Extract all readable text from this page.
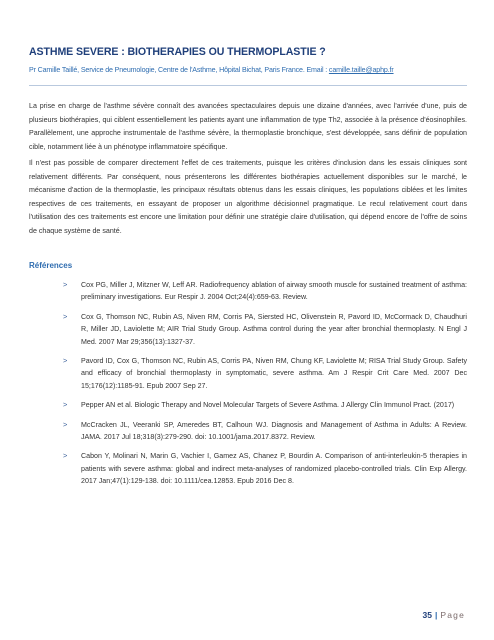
ASTHME SEVERE : BIOTHERAPIES OU THERMOPLASTIE ?
Pr Camille Taillé, Service de Pneumologie, Centre de l'Asthme, Hôpital Bichat, Paris France. Email : camille.taille@aphp.fr

La prise en charge de l'asthme sévère connaît des avancées spectaculaires depuis une dizaine d'années, avec l'arrivée d'une, puis de plusieurs biothérapies, qui ciblent essentiellement les patients ayant une inflammation de type Th2, associée à la présence d'éosinophiles. Parallèlement, une approche instrumentale de l'asthme sévère, la thermoplastie bronchique, s'est développée, sans définir de population cible, notamment liée à un phénotype inflammatoire spécifique.

Il n'est pas possible de comparer directement l'effet de ces traitements, puisque les critères d'inclusion dans les essais cliniques sont relativement différents. Par conséquent, nous présenterons les différentes biothérapies actuellement disponibles sur le marché, le mécanisme d'action de la thermoplastie, les principaux résultats obtenus dans les essais cliniques, les populations ciblées et les limites respectives de ces traitements, en essayant de proposer un algorithme décisionnel pragmatique. Le recul relativement court dans l'utilisation des ces traitements est encore une limitation pour définir une stratégie claire d'utilisation, qui dépend encore de l'offre de soins de chaque système de santé.

Références
> Cox PG, Miller J, Mitzner W, Leff AR. Radiofrequency ablation of airway smooth muscle for sustained treatment of asthma: preliminary investigations. Eur Respir J. 2004 Oct;24(4):659-63. Review.
> Cox G, Thomson NC, Rubin AS, Niven RM, Corris PA, Siersted HC, Olivenstein R, Pavord ID, McCormack D, Chaudhuri R, Miller JD, Laviolette M; AIR Trial Study Group. Asthma control during the year after bronchial thermoplasty. N Engl J Med. 2007 Mar 29;356(13):1327-37.
> Pavord ID, Cox G, Thomson NC, Rubin AS, Corris PA, Niven RM, Chung KF, Laviolette M; RISA Trial Study Group. Safety and efficacy of bronchial thermoplasty in symptomatic, severe asthma. Am J Respir Crit Care Med. 2007 Dec 15;176(12):1185-91. Epub 2007 Sep 27.
> Pepper AN et al. Biologic Therapy and Novel Molecular Targets of Severe Asthma. J Allergy Clin Immunol Pract. (2017)
> McCracken JL, Veeranki SP, Ameredes BT, Calhoun WJ. Diagnosis and Management of Asthma in Adults: A Review. JAMA. 2017 Jul 18;318(3):279-290. doi: 10.1001/jama.2017.8372. Review.
> Cabon Y, Molinari N, Marin G, Vachier I, Gamez AS, Chanez P, Bourdin A. Comparison of anti-interleukin-5 therapies in patients with severe asthma: global and indirect meta-analyses of randomized placebo-controlled trials. Clin Exp Allergy. 2017 Jan;47(1):129-138. doi: 10.1111/cea.12853. Epub 2016 Dec 8.
35 | Page
